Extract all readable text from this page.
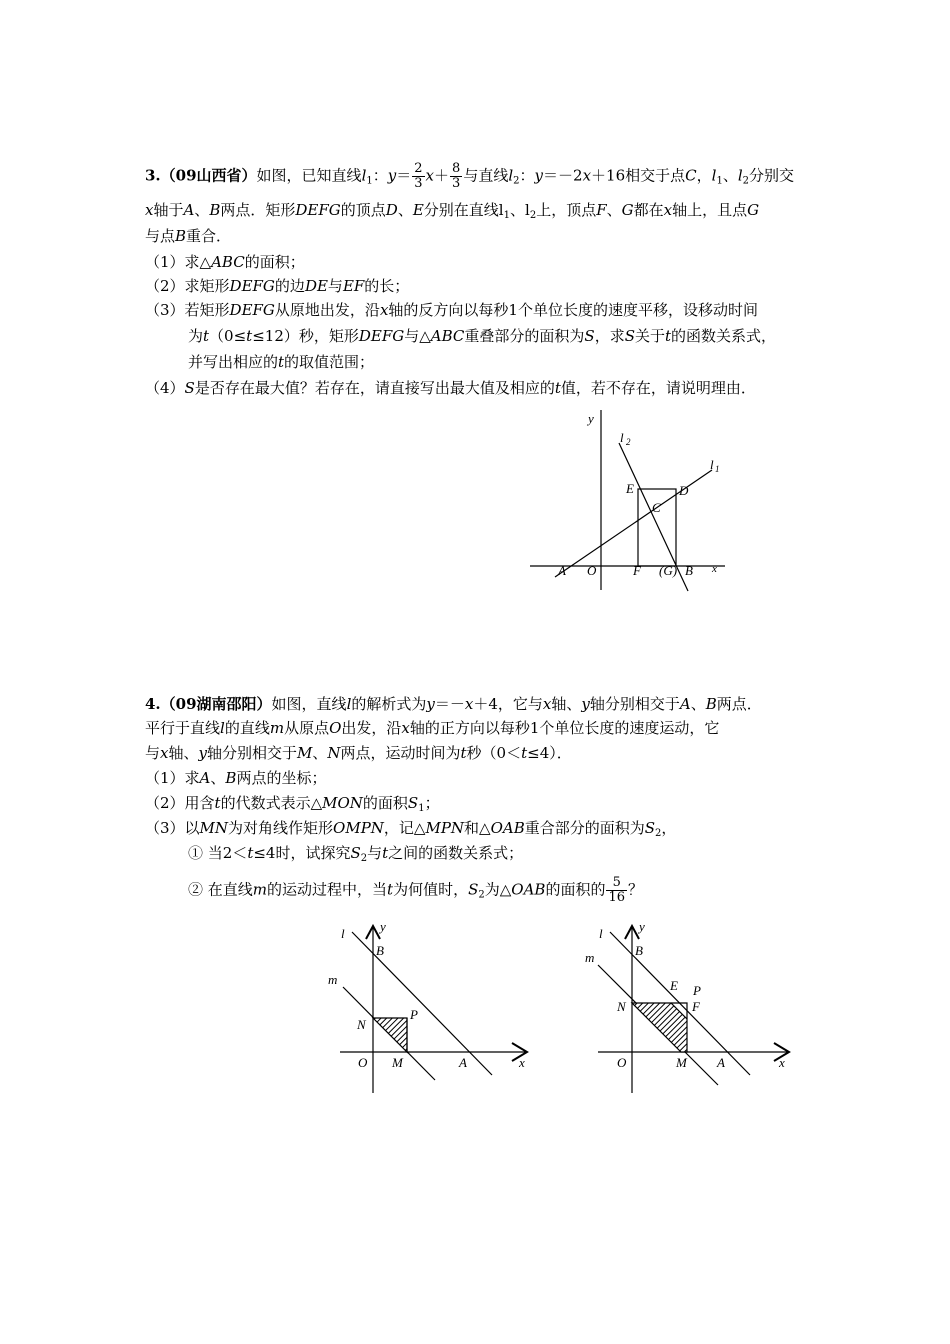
3.（09山西省）如图，已知直线$l_1$：$y= \frac{2}{3} x+ \frac{8}{3}$ 与直线$l_2$：y＝－2x＋16相交于点C，$l_1$、$l_2$分别交
x轴于A、B两点．矩形DEFG的顶点D、E分别在直线$l_1$、$l_2$上，顶点F、G都在x轴上，且点G
与点B重合．
（1）求△ABC的面积；
（2）求矩形DEFG的边DE与EF的长；
（3）若矩形DEFG从原地出发，沿x轴的反方向以每秒1个单位长度的速度平移，设移动时间
为t（0≤t≤12）秒，矩形DEFG与△ABC重叠部分的面积为S，求S关于t的函数关系式，
并写出相应的t的取值范围；
（4）S是否存在最大值？若存在，请直接写出最大值及相应的t值，若不存在，请说明理由．
y
l 2
l 1
E	D
C
A O	F (G) B x
4.（09湖南邵阳）如图，直线l的解析式为y＝－x＋4，它与x轴、y轴分别相交于A、B两点．
平行于直线l的直线m从原点O出发，沿x轴的正方向以每秒1个单位长度的速度运动，它
与x轴、y轴分别相交于M、N两点，运动时间为t秒（0＜t≤4）．
（1）求A、B两点的坐标；
（2）用含t的代数式表示△MON的面积$S_1$；
（3）以MN为对角线作矩形OMPN，记△MPN和△OAB重合部分的面积为$S_2$，
① 当2＜t≤4时，试探究$S_2$与t之间的函数关系式；
② 在直线m的运动过程中，当t为何值时，$S_2$为△OAB的面积的 $\frac{5}{16}$ ？
l	y
B
m
N
P
O M	A	x
l	y
B
m
E P
N	F
O	M A	x
